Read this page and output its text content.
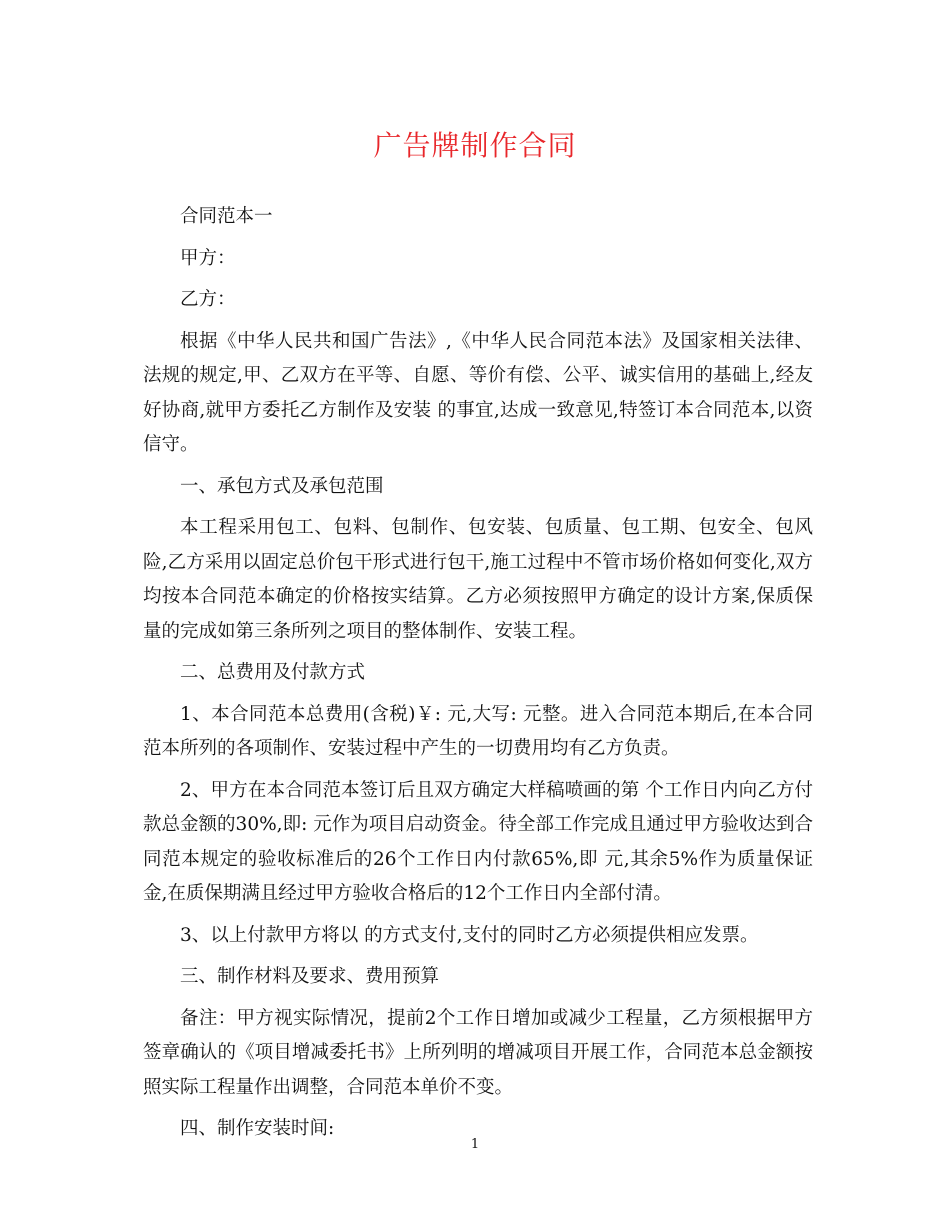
广告牌制作合同

合同范本一

甲方：

乙方：

根据《中华人民共和国广告法》,《中华人民合同范本法》及国家相关法律、法规的规定,甲、乙双方在平等、自愿、等价有偿、公平、诚实信用的基础上,经友好协商,就甲方委托乙方制作及安装 的事宜,达成一致意见,特签订本合同范本,以资信守。

一、承包方式及承包范围

本工程采用包工、包料、包制作、包安装、包质量、包工期、包安全、包风险,乙方采用以固定总价包干形式进行包干,施工过程中不管市场价格如何变化,双方均按本合同范本确定的价格按实结算。乙方必须按照甲方确定的设计方案,保质保量的完成如第三条所列之项目的整体制作、安装工程。

二、总费用及付款方式

1、本合同范本总费用(含税)￥: 元,大写: 元整。进入合同范本期后,在本合同范本所列的各项制作、安装过程中产生的一切费用均有乙方负责。

2、甲方在本合同范本签订后且双方确定大样稿喷画的第 个工作日内向乙方付款总金额的30%,即: 元作为项目启动资金。待全部工作完成且通过甲方验收达到合同范本规定的验收标准后的26个工作日内付款65%,即 元,其余5%作为质量保证金,在质保期满且经过甲方验收合格后的12个工作日内全部付清。

3、以上付款甲方将以 的方式支付,支付的同时乙方必须提供相应发票。

三、制作材料及要求、费用预算

备注：甲方视实际情况，提前2个工作日增加或减少工程量，乙方须根据甲方签章确认的《项目增减委托书》上所列明的增减项目开展工作，合同范本总金额按照实际工程量作出调整，合同范本单价不变。

四、制作安装时间:

1
